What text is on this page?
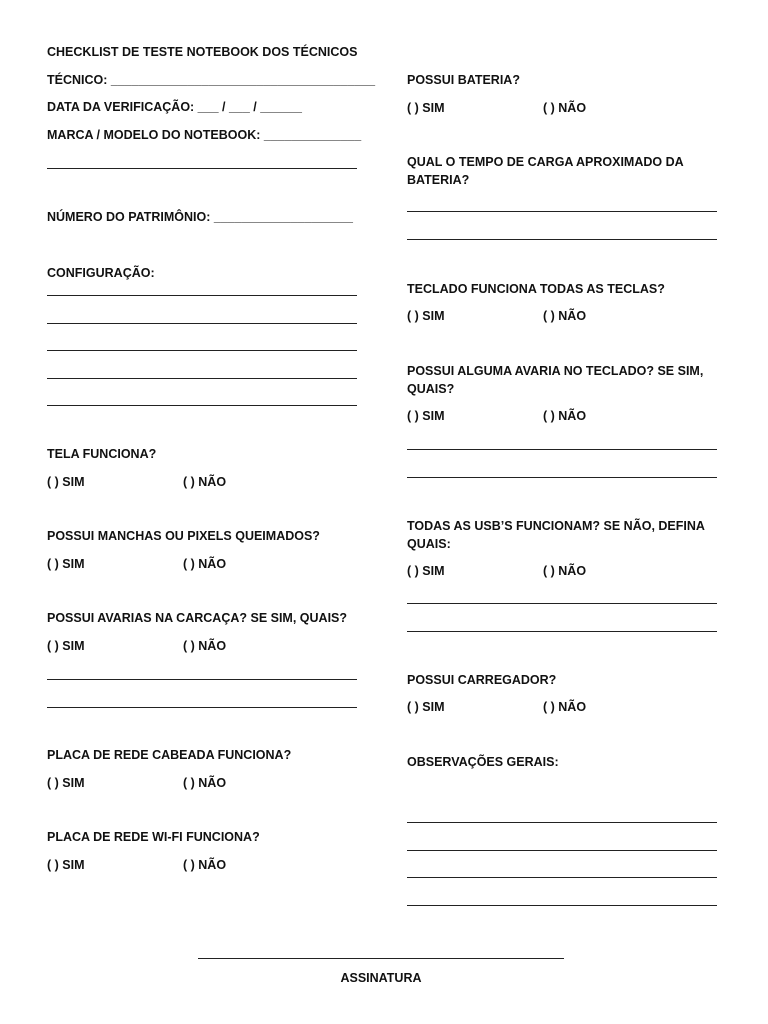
CHECKLIST DE TESTE NOTEBOOK DOS TÉCNICOS
TÉCNICO: ______________________________________
DATA DA VERIFICAÇÃO: ___ / ___ / ______
MARCA / MODELO DO NOTEBOOK: ______________
NÚMERO DO PATRIMÔNIO: ____________________
CONFIGURAÇÃO:
TELA FUNCIONA?
( ) SIM	( ) NÃO
POSSUI MANCHAS OU PIXELS QUEIMADOS?
( ) SIM	( ) NÃO
POSSUI AVARIAS NA CARCAÇA? SE SIM, QUAIS?
( ) SIM	( ) NÃO
PLACA DE REDE CABEADA FUNCIONA?
( ) SIM	( ) NÃO
PLACA DE REDE WI-FI FUNCIONA?
( ) SIM	( ) NÃO
POSSUI BATERIA?
( ) SIM	( ) NÃO
QUAL O TEMPO DE CARGA APROXIMADO DA BATERIA?
TECLADO FUNCIONA TODAS AS TECLAS?
( ) SIM	( ) NÃO
POSSUI ALGUMA AVARIA NO TECLADO? SE SIM, QUAIS?
( ) SIM	( ) NÃO
TODAS AS USB’S FUNCIONAM? SE NÃO, DEFINA QUAIS:
( ) SIM	( ) NÃO
POSSUI CARREGADOR?
( ) SIM	( ) NÃO
OBSERVAÇÕES GERAIS:
ASSINATURA
